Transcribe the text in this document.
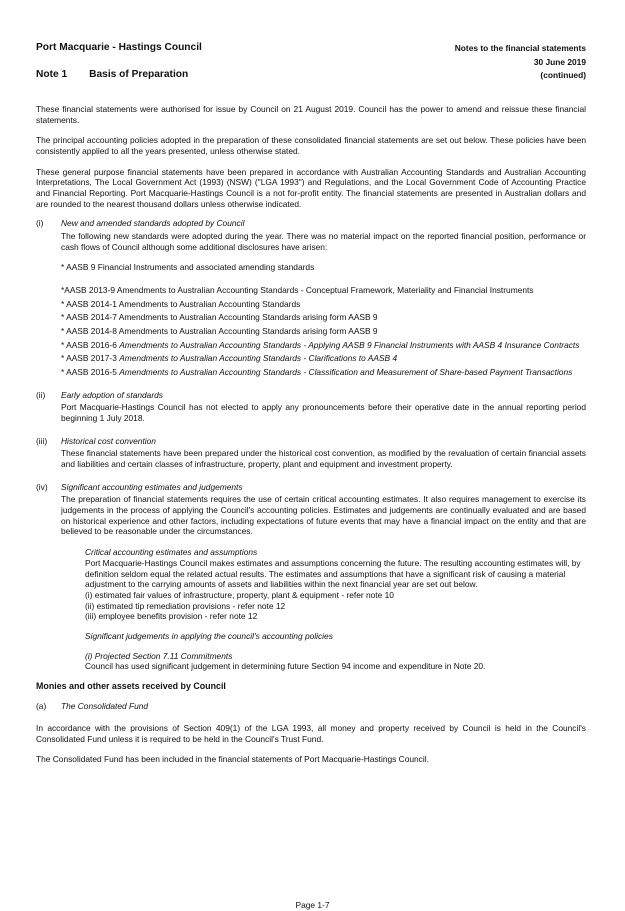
Port Macquarie - Hastings Council
Note 1 Basis of Preparation
Notes to the financial statements
30 June 2019
(continued)

These financial statements were authorised for issue by Council on 21 August 2019. Council has the power to amend and reissue these financial statements.

The principal accounting policies adopted in the preparation of these consolidated financial statements are set out below. These policies have been consistently applied to all the years presented, unless otherwise stated.

These general purpose financial statements have been prepared in accordance with Australian Accounting Standards and Australian Accounting Interpretations, The Local Government Act (1993) (NSW) ("LGA 1993") and Regulations, and the Local Government Code of Accounting Practice and Financial Reporting. Port Macquarie-Hastings Council is a not for-profit entity. The financial statements are presented in Australian dollars and are rounded to the nearest thousand dollars unless otherwise indicated.

(i)	New and amended standards adopted by Council
The following new standards were adopted during the year. There was no material impact on the reported financial position, performance or cash flows of Council although some additional disclosures have arisen:
* AASB 9 Financial Instruments and associated amending standards
*AASB 2013-9 Amendments to Australian Accounting Standards - Conceptual Framework, Materiality and Financial Instruments
* AASB 2014-1 Amendments to Australian Accounting Standards
* AASB 2014-7 Amendments to Australian Accounting Standards arising form AASB 9
* AASB 2014-8 Amendments to Australian Accounting Standards arising form AASB 9
* AASB 2016-6 Amendments to Australian Accounting Standards - Applying AASB 9 Financial Instruments with AASB 4 Insurance Contracts
* AASB 2017-3 Amendments to Australian Accounting Standards - Clarifications to AASB 4
* AASB 2016-5 Amendments to Australian Accounting Standards - Classification and Measurement of Share-based Payment Transactions
(ii)	Early adoption of standards
Port Macquarie-Hastings Council has not elected to apply any pronouncements before their operative date in the annual reporting period beginning 1 July 2018.
(iii)	Historical cost convention
These financial statements have been prepared under the historical cost convention, as modified by the revaluation of certain financial assets and liabilities and certain classes of infrastructure, property, plant and equipment and investment property.
(iv)	Significant accounting estimates and judgements
The preparation of financial statements requires the use of certain critical accounting estimates. It also requires management to exercise its judgements in the process of applying the Council's accounting policies. Estimates and judgements are continually evaluated and are based on historical experience and other factors, including expectations of future events that may have a financial impact on the entity and that are believed to be reasonable under the circumstances.
Critical accounting estimates and assumptions
Port Macquarie-Hastings Council makes estimates and assumptions concerning the future. The resulting accounting estimates will, by definition seldom equal the related actual results. The estimates and assumptions that have a significant risk of causing a material adjustment to the carrying amounts of assets and liabilities within the next financial year are set out below.
(i) estimated fair values of infrastructure, property, plant & equipment - refer note 10
(ii) estimated tip remediation provisions - refer note 12
(iii) employee benefits provision - refer note 12
Significant judgements in applying the council's accounting policies
(i) Projected Section 7.11 Commitments
Council has used significant judgement in determining future Section 94 income and expenditure in Note 20.
Monies and other assets received by Council
(a)	The Consolidated Fund

In accordance with the provisions of Section 409(1) of the LGA 1993, all money and property received by Council is held in the Council's Consolidated Fund unless it is required to be held in the Council's Trust Fund.

The Consolidated Fund has been included in the financial statements of Port Macquarie-Hastings Council.

Page 1-7
